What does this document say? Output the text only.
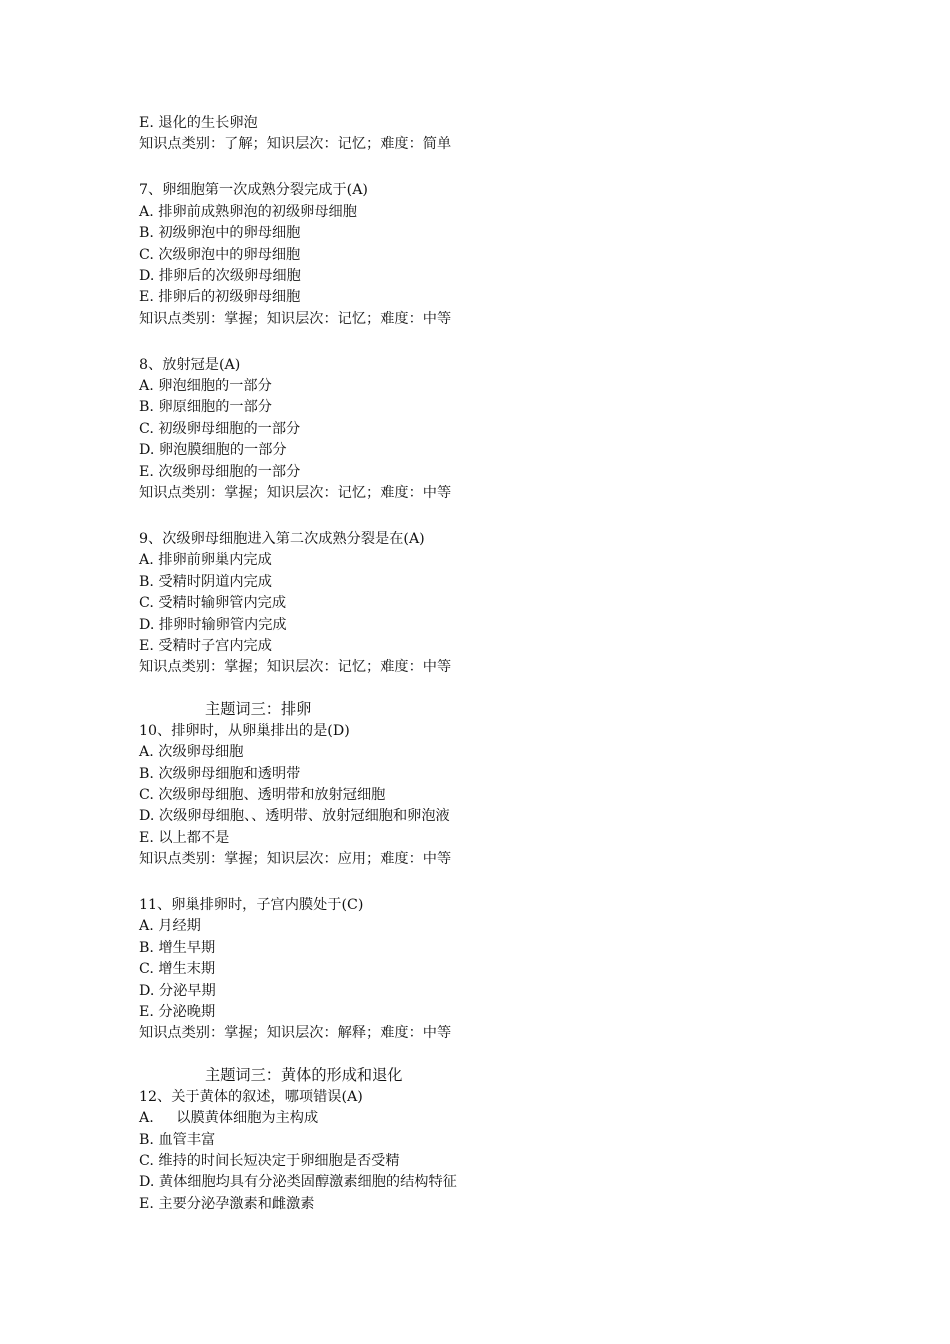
E. 退化的生长卵泡
知识点类别：了解；知识层次：记忆；难度：简单
7、卵细胞第一次成熟分裂完成于(A)
A. 排卵前成熟卵泡的初级卵母细胞
B. 初级卵泡中的卵母细胞
C. 次级卵泡中的卵母细胞
D. 排卵后的次级卵母细胞
E. 排卵后的初级卵母细胞
知识点类别：掌握；知识层次：记忆；难度：中等
8、放射冠是(A)
A. 卵泡细胞的一部分
B. 卵原细胞的一部分
C. 初级卵母细胞的一部分
D. 卵泡膜细胞的一部分
E. 次级卵母细胞的一部分
知识点类别：掌握；知识层次：记忆；难度：中等
9、次级卵母细胞进入第二次成熟分裂是在(A)
A. 排卵前卵巢内完成
B. 受精时阴道内完成
C. 受精时输卵管内完成
D. 排卵时输卵管内完成
E. 受精时子宫内完成
知识点类别：掌握；知识层次：记忆；难度：中等
主题词三：排卵
10、排卵时，从卵巢排出的是(D)
A. 次级卵母细胞
B. 次级卵母细胞和透明带
C. 次级卵母细胞、透明带和放射冠细胞
D. 次级卵母细胞、、透明带、放射冠细胞和卵泡液
E. 以上都不是
知识点类别：掌握；知识层次：应用；难度：中等
11、卵巢排卵时，子宫内膜处于(C)
A. 月经期
B. 增生早期
C. 增生末期
D. 分泌早期
E. 分泌晚期
知识点类别：掌握；知识层次：解释；难度：中等
主题词三：黄体的形成和退化
12、关于黄体的叙述，哪项错误(A)
A.     以膜黄体细胞为主构成
B. 血管丰富
C. 维持的时间长短决定于卵细胞是否受精
D. 黄体细胞均具有分泌类固醇激素细胞的结构特征
E. 主要分泌孕激素和雌激素
